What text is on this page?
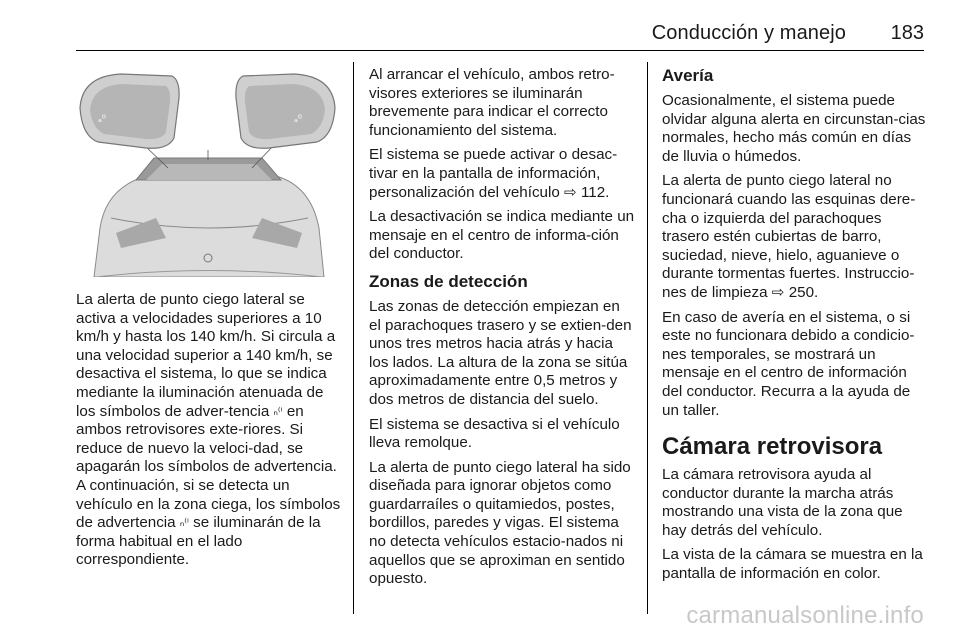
Conducción y manejo 183
ₐ⁰	ₐ⁰

La alerta de punto ciego lateral se activa a velocidades superiores a 10 km/h y hasta los 140 km/h. Si circula a una velocidad superior a 140 km/h, se desactiva el sistema, lo que se indica mediante la iluminación atenuada de los símbolos de adver‐tencia ₙ⁽ⁱ en ambos retrovisores exte‐riores. Si reduce de nuevo la veloci‐dad, se apagarán los símbolos de advertencia. A continuación, si se detecta un vehículo en la zona ciega, los símbolos de advertencia ₙ⁽ⁱ se iluminarán de la forma habitual en el lado correspondiente.

Al arrancar el vehículo, ambos retro‐visores exteriores se iluminarán brevemente para indicar el correcto funcionamiento del sistema.

El sistema se puede activar o desac‐tivar en la pantalla de información, personalización del vehículo ⇨ 112.

La desactivación se indica mediante un mensaje en el centro de informa‐ción del conductor.

Zonas de detección

Las zonas de detección empiezan en el parachoques trasero y se extien‐den unos tres metros hacia atrás y hacia los lados. La altura de la zona se sitúa aproximadamente entre 0,5 metros y dos metros de distancia del suelo.

El sistema se desactiva si el vehículo lleva remolque.

La alerta de punto ciego lateral ha sido diseñada para ignorar objetos como guardarraíles o quitamiedos, postes, bordillos, paredes y vigas. El sistema no detecta vehículos estacio‐nados ni aquellos que se aproximan en sentido opuesto.

Avería

Ocasionalmente, el sistema puede olvidar alguna alerta en circunstan‐cias normales, hecho más común en días de lluvia o húmedos.

La alerta de punto ciego lateral no funcionará cuando las esquinas dere‐cha o izquierda del parachoques trasero estén cubiertas de barro, suciedad, nieve, hielo, aguanieve o durante tormentas fuertes. Instruccio‐nes de limpieza ⇨ 250.

En caso de avería en el sistema, o si este no funcionara debido a condicio‐nes temporales, se mostrará un mensaje en el centro de información del conductor. Recurra a la ayuda de un taller.

Cámara retrovisora

La cámara retrovisora ayuda al conductor durante la marcha atrás mostrando una vista de la zona que hay detrás del vehículo.

La vista de la cámara se muestra en la pantalla de información en color.

carmanualsonline.info
